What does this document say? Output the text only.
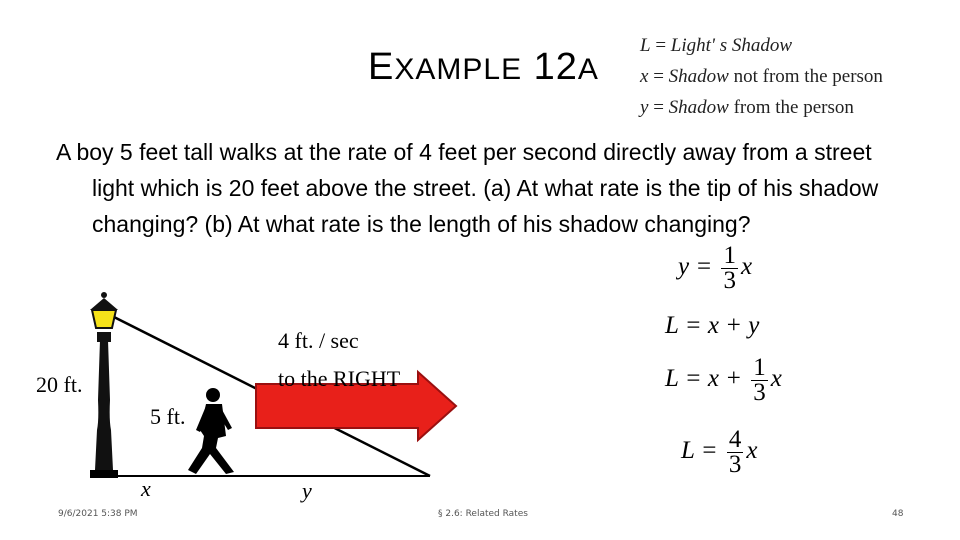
EXAMPLE 12A
L = Light' s Shadow
x = Shadow not from the person
y = Shadow from the person

A boy 5 feet tall walks at the rate of 4 feet per second directly away from a street light which is 20 feet above the street. (a) At what rate is the tip of his shadow changing? (b) At what rate is the length of his shadow changing?

$y = \frac{1}{3}$ x
L = x + y
$L = x + \frac{1}{3}$ x
$L = \frac{4}{3}$ x
20 ft.
5 ft.
4 ft. / sec
to the RIGHT
x	y
9/6/2021 5:38 PM	§ 2.6: Related Rates	48
